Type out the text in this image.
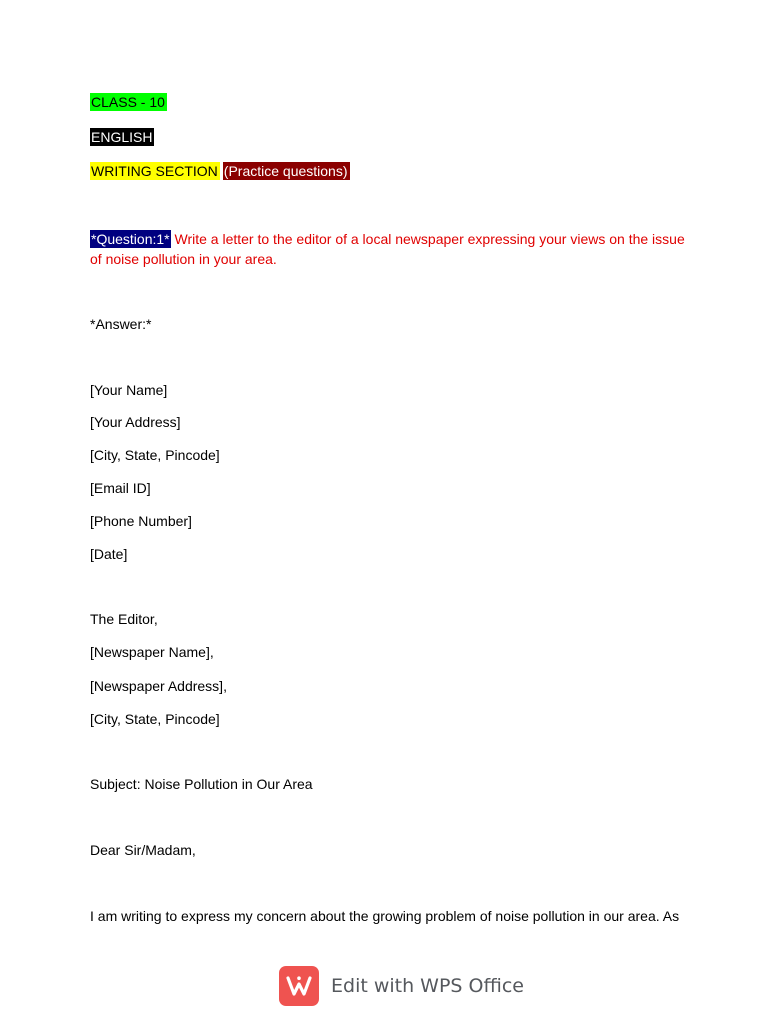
CLASS - 10
ENGLISH
WRITING SECTION (Practice questions)
*Question:1* Write a letter to the editor of a local newspaper expressing your views on the issue of noise pollution in your area.
*Answer:*
[Your Name]
[Your Address]
[City, State, Pincode]
[Email ID]
[Phone Number]
[Date]
The Editor,
[Newspaper Name],
[Newspaper Address],
[City, State, Pincode]
Subject: Noise Pollution in Our Area
Dear Sir/Madam,
I am writing to express my concern about the growing problem of noise pollution in our area. As
Edit with WPS Office
